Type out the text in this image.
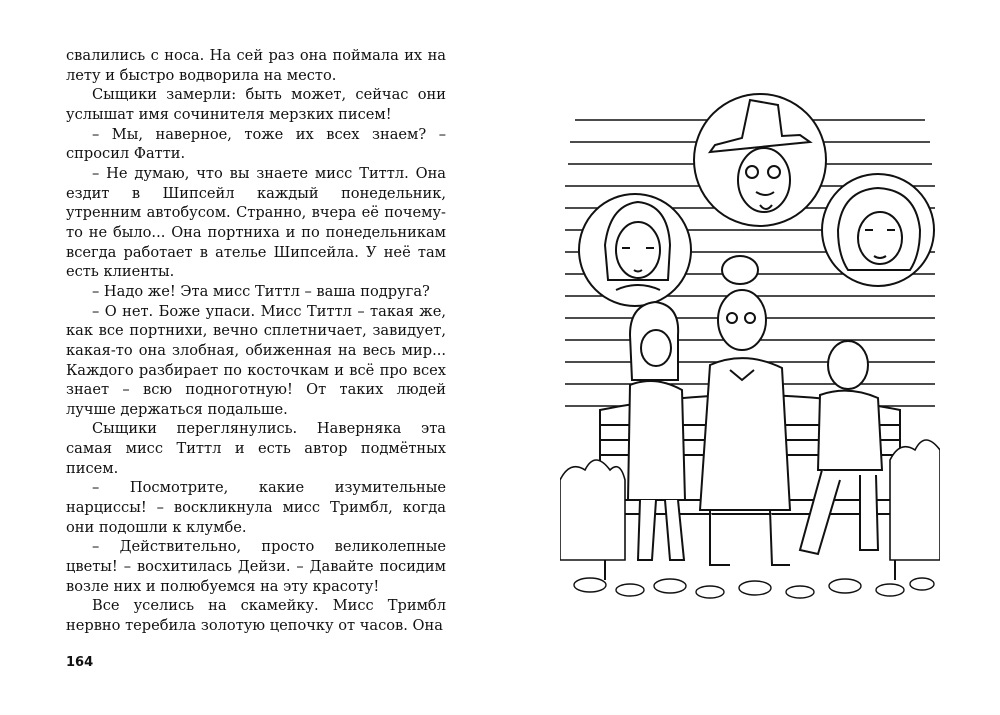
свалились с носа. На сей раз она поймала их на лету и быстро водворила на место.

Сыщики замерли: быть может, сейчас они услышат имя сочинителя мерзких писем!

– Мы, наверное, тоже их всех знаем? – спросил Фатти.

– Не думаю, что вы знаете мисс Титтл. Она ездит в Шипсейл каждый понедельник, утренним автобусом. Странно, вчера её почему-то не было... Она портниха и по понедельникам всегда работает в ателье Шипсейла. У неё там есть клиенты.

– Надо же! Эта мисс Титтл – ваша подруга?

– О нет. Боже упаси. Мисс Титтл – такая же, как все портнихи, вечно сплетничает, завидует, какая-то она злобная, обиженная на весь мир... Каждого разбирает по косточкам и всё про всех знает – всю подноготную! От таких людей лучше держаться подальше.

Сыщики переглянулись. Наверняка эта самая мисс Титтл и есть автор подмётных писем.

– Посмотрите, какие изумительные нарциссы! – воскликнула мисс Тримбл, когда они подошли к клумбе.

– Действительно, просто великолепные цветы! – восхитилась Дейзи. – Давайте посидим возле них и полюбуемся на эту красоту!

Все уселись на скамейку. Мисс Тримбл нервно теребила золотую цепочку от часов. Она

164
